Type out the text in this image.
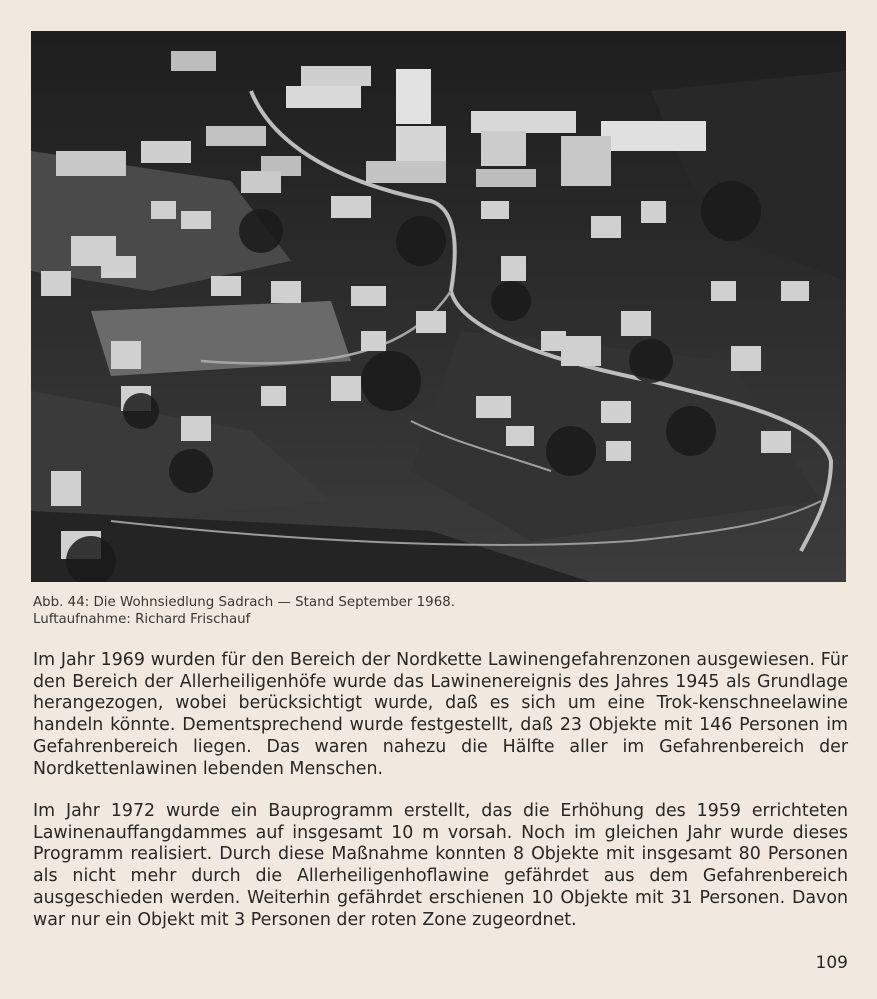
Abb. 44: Die Wohnsiedlung Sadrach — Stand September 1968.
Luftaufnahme: Richard Frischauf
Im Jahr 1969 wurden für den Bereich der Nordkette Lawinengefahrenzonen ausgewiesen. Für den Bereich der Allerheiligenhöfe wurde das Lawinenereignis des Jahres 1945 als Grundlage herangezogen, wobei berücksichtigt wurde, daß es sich um eine Trok-kenschneelawine handeln könnte. Dementsprechend wurde festgestellt, daß 23 Objekte mit 146 Personen im Gefahrenbereich liegen. Das waren nahezu die Hälfte aller im Gefahrenbereich der Nordkettenlawinen lebenden Menschen.
Im Jahr 1972 wurde ein Bauprogramm erstellt, das die Erhöhung des 1959 errichteten Lawinenauffangdammes auf insgesamt 10 m vorsah. Noch im gleichen Jahr wurde dieses Programm realisiert. Durch diese Maßnahme konnten 8 Objekte mit insgesamt 80 Personen als nicht mehr durch die Allerheiligenhoflawine gefährdet aus dem Gefahrenbereich ausgeschieden werden. Weiterhin gefährdet erschienen 10 Objekte mit 31 Personen. Davon war nur ein Objekt mit 3 Personen der roten Zone zugeordnet.
109
